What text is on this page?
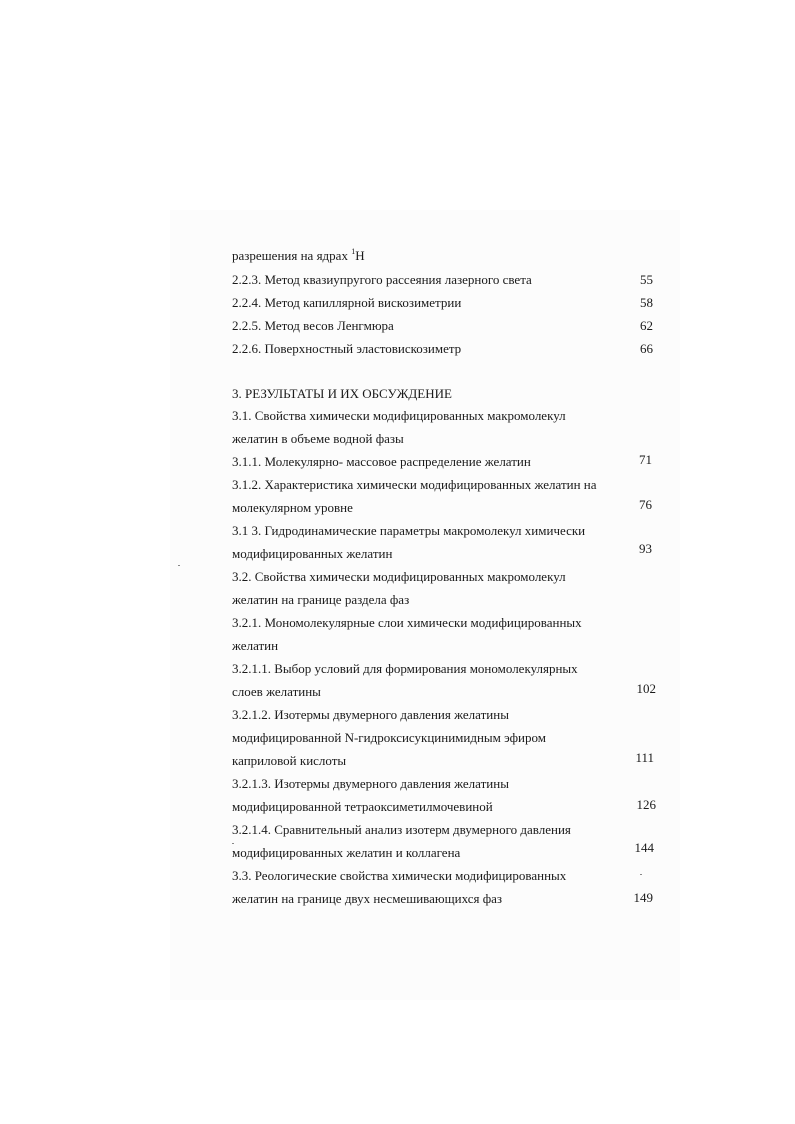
разрешения на ядрах $^1$Н
2.2.3. Метод квазиупругого рассеяния лазерного света	55
2.2.4. Метод капиллярной вискозиметрии	58
2.2.5. Метод весов Ленгмюра	62
2.2.6. Поверхностный эластовискозиметр	66
3. РЕЗУЛЬТАТЫ И ИХ ОБСУЖДЕНИЕ
3.1. Свойства химически модифицированных макромолекул
желатин в объеме водной фазы
3.1.1. Молекулярно- массовое распределение желатин	71
3.1.2. Характеристика химически модифицированных желатин на
молекулярном уровне	76
3.1 3. Гидродинамические параметры макромолекул химически
модифицированных желатин	93
3.2. Свойства химически модифицированных макромолекул
желатин на границе раздела фаз
3.2.1. Мономолекулярные слои химически модифицированных
желатин
3.2.1.1. Выбор условий для формирования мономолекулярных
слоев желатины	102
3.2.1.2. Изотермы двумерного давления желатины
модифицированной N-гидроксисукцинимидным эфиром
каприловой кислоты	111
3.2.1.3. Изотермы двумерного давления желатины
модифицированной тетраоксиметилмочевиной	126
3.2.1.4. Сравнительный анализ изотерм двумерного давления
модифицированных желатин и коллагена	144
3.3. Реологические свойства химически модифицированных
желатин на границе двух несмешивающихся фаз	149
